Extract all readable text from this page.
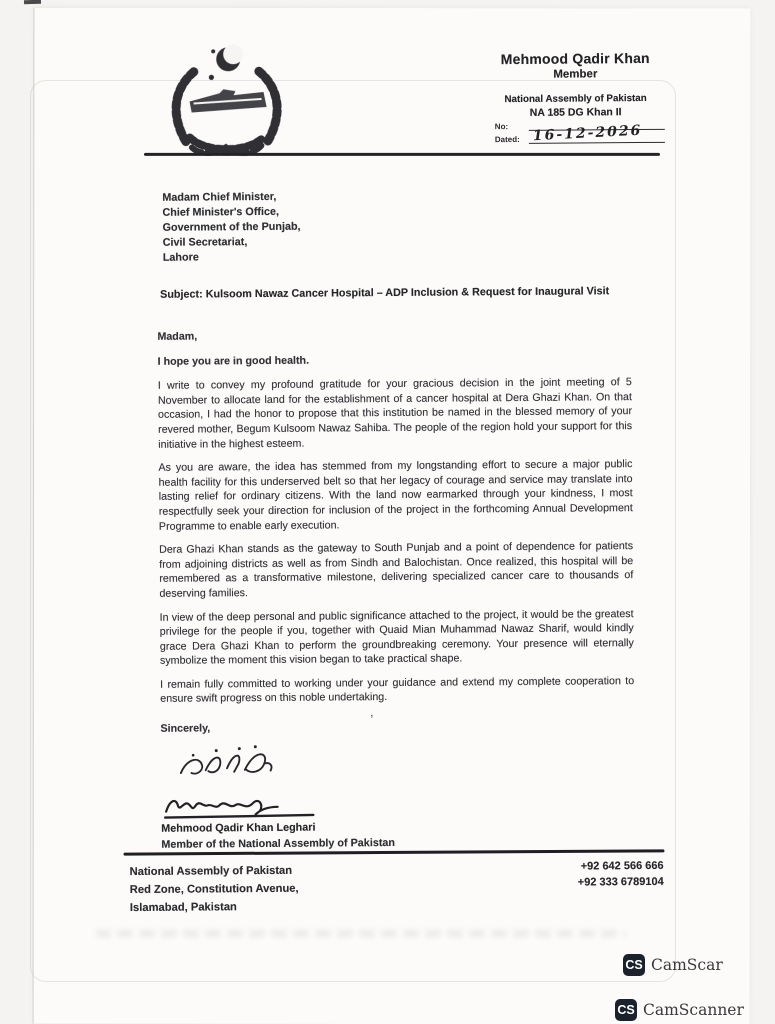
Mehmood Qadir Khan
Member
National Assembly of Pakistan
NA 185 DG Khan II
No:
Dated: 16-12-2026
Madam Chief Minister,
Chief Minister's Office,
Government of the Punjab,
Civil Secretariat,
Lahore
Subject: Kulsoom Nawaz Cancer Hospital – ADP Inclusion & Request for Inaugural Visit
Madam,
I hope you are in good health.

I write to convey my profound gratitude for your gracious decision in the joint meeting of 5 November to allocate land for the establishment of a cancer hospital at Dera Ghazi Khan. On that occasion, I had the honor to propose that this institution be named in the blessed memory of your revered mother, Begum Kulsoom Nawaz Sahiba. The people of the region hold your support for this initiative in the highest esteem.

As you are aware, the idea has stemmed from my longstanding effort to secure a major public health facility for this underserved belt so that her legacy of courage and service may translate into lasting relief for ordinary citizens. With the land now earmarked through your kindness, I most respectfully seek your direction for inclusion of the project in the forthcoming Annual Development Programme to enable early execution.

Dera Ghazi Khan stands as the gateway to South Punjab and a point of dependence for patients from adjoining districts as well as from Sindh and Balochistan. Once realized, this hospital will be remembered as a transformative milestone, delivering specialized cancer care to thousands of deserving families.

In view of the deep personal and public significance attached to the project, it would be the greatest privilege for the people if you, together with Quaid Mian Muhammad Nawaz Sharif, would kindly grace Dera Ghazi Khan to perform the groundbreaking ceremony. Your presence will eternally symbolize the moment this vision began to take practical shape.

I remain fully committed to working under your guidance and extend my complete cooperation to ensure swift progress on this noble undertaking.

Sincerely,
Mehmood Qadir Khan Leghari
Member of the National Assembly of Pakistan
‚
National Assembly of Pakistan
Red Zone, Constitution Avenue,
Islamabad, Pakistan
+92 642 566 666
+92 333 6789104
CS CamScar
CS CamScanner
